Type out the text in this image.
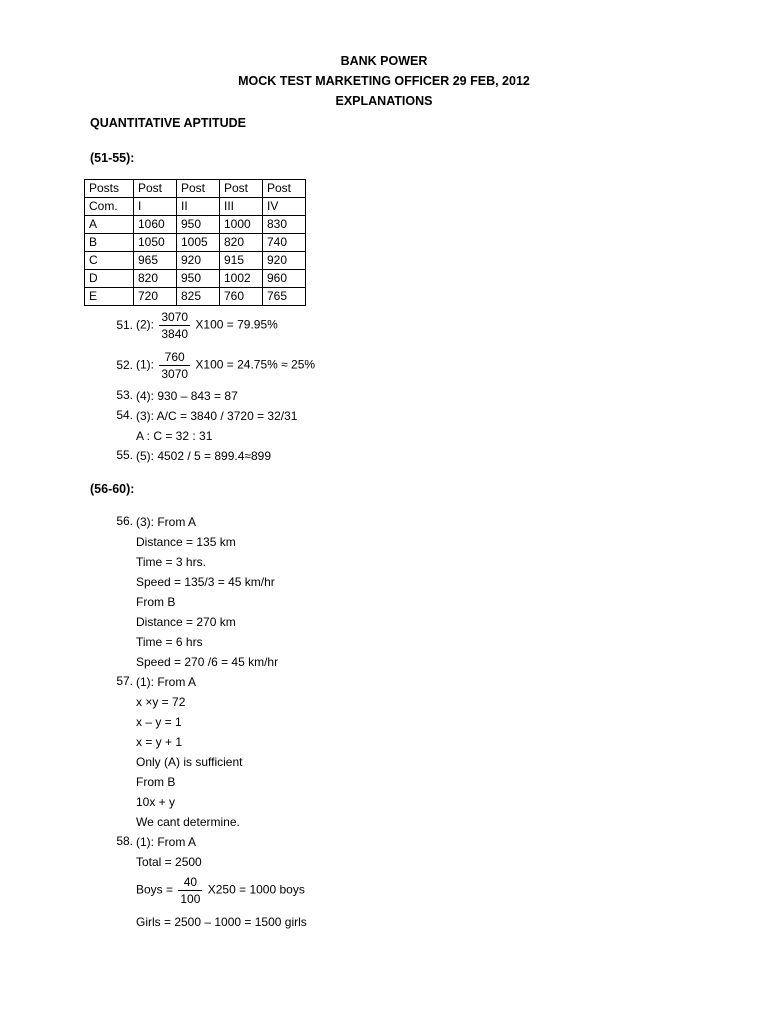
BANK POWER
MOCK TEST MARKETING OFFICER 29 FEB, 2012
EXPLANATIONS
QUANTITATIVE APTITUDE
(51-55):
Posts	Post	Post	Post	Post
Com.	I	II	III	IV
A	1060	950	1000	830
B	1050	1005	820	740
C	965	920	915	920
D	820	950	1002	960
E	720	825	760	765
51. (2): $\frac{3070}{3840} X100 = 79.95\%$
52. (1): $\frac{760}{3070} X100 = 24.75\% \approx 25\%$
53. (4): 930 – 843 = 87
54. (3): A/C = 3840 / 3720 = 32/31
A : C = 32 : 31
55. (5): 4502 / 5 = 899.4≈899
(56-60):
56. (3): From A
Distance = 135 km
Time = 3 hrs.
Speed = 135/3 = 45 km/hr
From B
Distance = 270 km
Time = 6 hrs
Speed = 270 /6 = 45 km/hr
57. (1): From A
x ×y = 72
x – y = 1
x = y + 1
Only (A) is sufficient
From B
10x + y
We cant determine.
58. (1): From A
Total = 2500
Boys = $\frac{40}{100} X250 = 1000$ boys
Girls = 2500 – 1000 = 1500 girls
